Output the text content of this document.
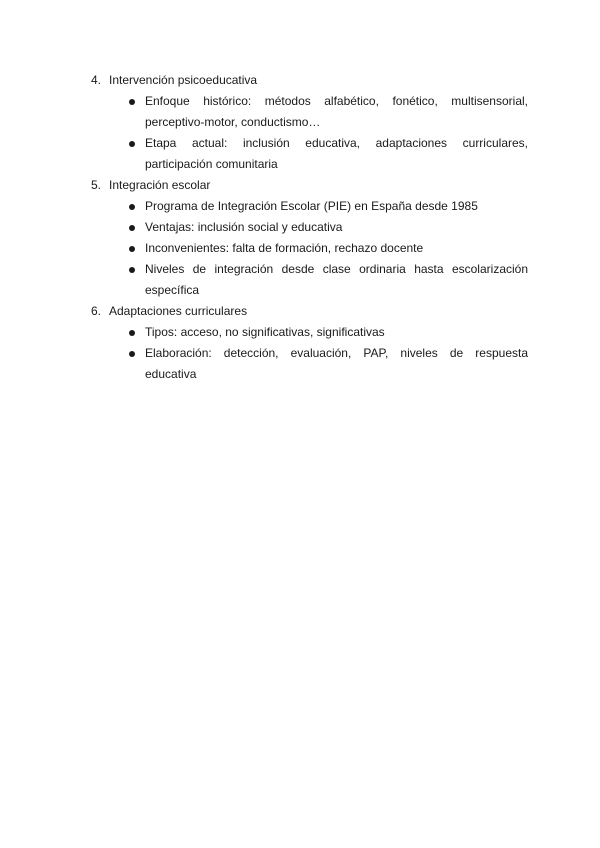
4. Intervención psicoeducativa
Enfoque histórico: métodos alfabético, fonético, multisensorial, perceptivo-motor, conductismo…
Etapa actual: inclusión educativa, adaptaciones curriculares, participación comunitaria
5. Integración escolar
Programa de Integración Escolar (PIE) en España desde 1985
Ventajas: inclusión social y educativa
Inconvenientes: falta de formación, rechazo docente
Niveles de integración desde clase ordinaria hasta escolarización específica
6. Adaptaciones curriculares
Tipos: acceso, no significativas, significativas
Elaboración: detección, evaluación, PAP, niveles de respuesta educativa
